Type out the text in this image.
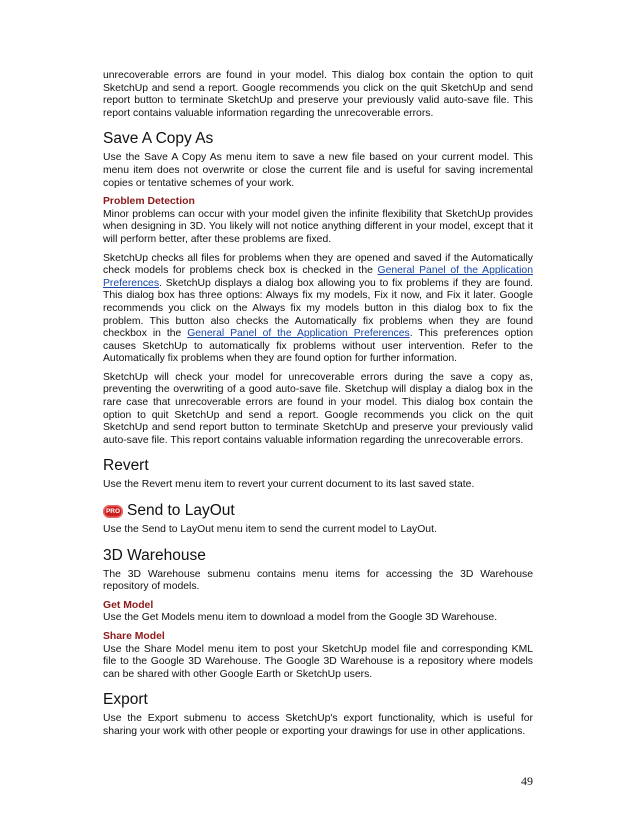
unrecoverable errors are found in your model. This dialog box contain the option to quit SketchUp and send a report. Google recommends you click on the quit SketchUp and send report button to terminate SketchUp and preserve your previously valid auto-save file. This report contains valuable information regarding the unrecoverable errors.

Save A Copy As

Use the Save A Copy As menu item to save a new file based on your current model. This menu item does not overwrite or close the current file and is useful for saving incremental copies or tentative schemes of your work.

Problem Detection

Minor problems can occur with your model given the infinite flexibility that SketchUp provides when designing in 3D. You likely will not notice anything different in your model, except that it will perform better, after these problems are fixed.

SketchUp checks all files for problems when they are opened and saved if the Automatically check models for problems check box is checked in the General Panel of the Application Preferences. SketchUp displays a dialog box allowing you to fix problems if they are found. This dialog box has three options: Always fix my models, Fix it now, and Fix it later. Google recommends you click on the Always fix my models button in this dialog box to fix the problem. This button also checks the Automatically fix problems when they are found checkbox in the General Panel of the Application Preferences. This preferences option causes SketchUp to automatically fix problems without user intervention. Refer to the Automatically fix problems when they are found option for further information.

SketchUp will check your model for unrecoverable errors during the save a copy as, preventing the overwriting of a good auto-save file. Sketchup will display a dialog box in the rare case that unrecoverable errors are found in your model. This dialog box contain the option to quit SketchUp and send a report. Google recommends you click on the quit SketchUp and send report button to terminate SketchUp and preserve your previously valid auto-save file. This report contains valuable information regarding the unrecoverable errors.

Revert

Use the Revert menu item to revert your current document to its last saved state.

PRO Send to LayOut

Use the Send to LayOut menu item to send the current model to LayOut.

3D Warehouse

The 3D Warehouse submenu contains menu items for accessing the 3D Warehouse repository of models.

Get Model

Use the Get Models menu item to download a model from the Google 3D Warehouse.

Share Model

Use the Share Model menu item to post your SketchUp model file and corresponding KML file to the Google 3D Warehouse. The Google 3D Warehouse is a repository where models can be shared with other Google Earth or SketchUp users.

Export

Use the Export submenu to access SketchUp's export functionality, which is useful for sharing your work with other people or exporting your drawings for use in other applications.

49
